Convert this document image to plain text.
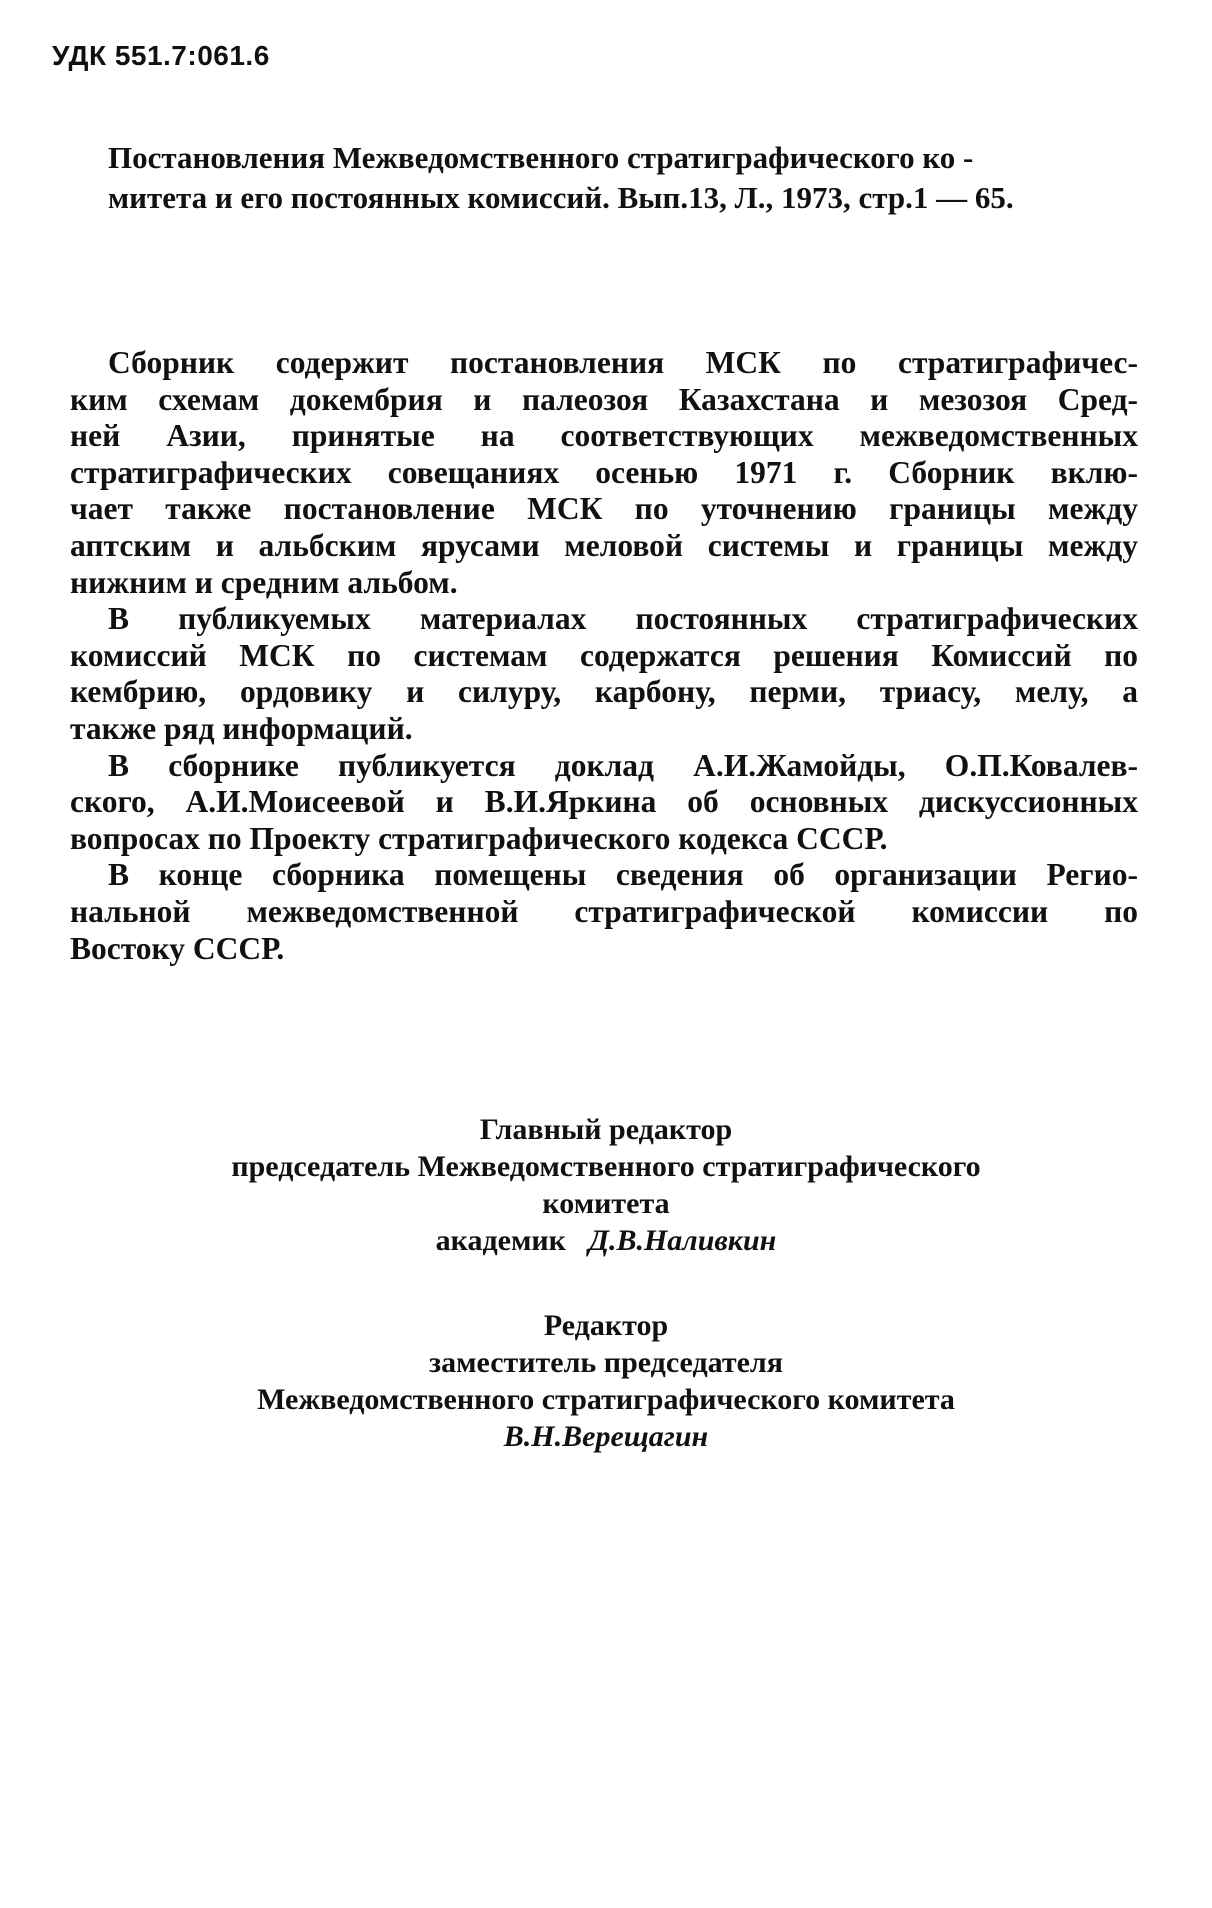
УДК 551.7:061.6
Постановления Межведомственного стратиграфического ко -
митета и его постоянных комиссий. Вып.13, Л., 1973, стр.1 — 65.

Сборник содержит постановления МСК по стратиграфичес-
ким схемам докембрия и палеозоя Казахстана и мезозоя Сред-
ней Азии, принятые на соответствующих межведомственных
стратиграфических совещаниях осенью 1971 г. Сборник вклю-
чает также постановление МСК по уточнению границы между
аптским и альбским ярусами меловой системы и границы между
нижним и средним альбом.

В публикуемых материалах постоянных стратиграфических
комиссий МСК по системам содержатся решения Комиссий по
кембрию, ордовику и силуру, карбону, перми, триасу, мелу, а
также ряд информаций.

В сборнике публикуется доклад А.И.Жамойды, О.П.Ковалев-
ского, А.И.Моисеевой и В.И.Яркина об основных дискуссионных
вопросах по Проекту стратиграфического кодекса СССР.

В конце сборника помещены сведения об организации Регио-
нальной межведомственной стратиграфической комиссии по
Востоку СССР.

Главный редактор
председатель Межведомственного стратиграфического
комитета
академик Д.В.Наливкин
Редактор
заместитель председателя
Межведомственного стратиграфического комитета
В.Н.Верещагин
